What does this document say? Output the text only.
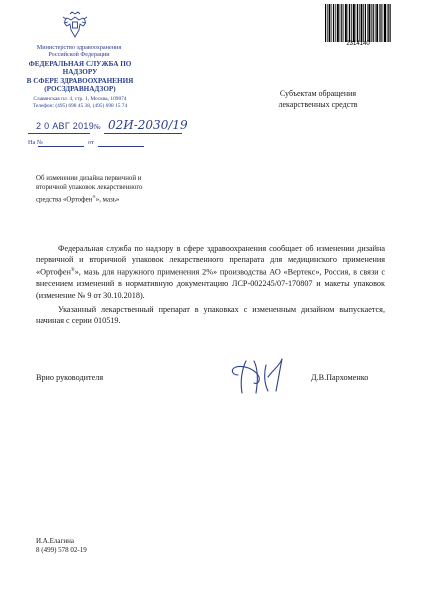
2314140
Министерство здравоохранения
Российской Федерации
ФЕДЕРАЛЬНАЯ СЛУЖБА ПО НАДЗОРУ
В СФЕРЕ ЗДРАВООХРАНЕНИЯ
(РОСЗДРАВНАДЗОР)
Славянская пл. 4, стр. 1, Москва, 109074
Телефон: (495) 698 45 38, (495) 698 15 74
2 0 АВГ 2019 № 02И-2030/19
На №	от
Субъектам обращения
лекарственных средств
Об изменении дизайна первичной и
вторичной упаковок лекарственного
средства «Ортофен®», мазь»

Федеральная служба по надзору в сфере здравоохранения сообщает об изменении дизайна первичной и вторичной упаковок лекарственного препарата для медицинского применения «Ортофен®», мазь для наружного применения 2%» производства АО «Вертекс», Россия, в связи с внесением изменений в нормативную документацию ЛСР-002245/07-170807 и макеты упаковок (изменение № 9 от 30.10.2018).

Указанный лекарственный препарат в упаковках с измененным дизайном выпускается, начиная с серии 010519.

Врио руководителя	Д.В.Пархоменко
И.А.Елагина
8 (499) 578 02-19
